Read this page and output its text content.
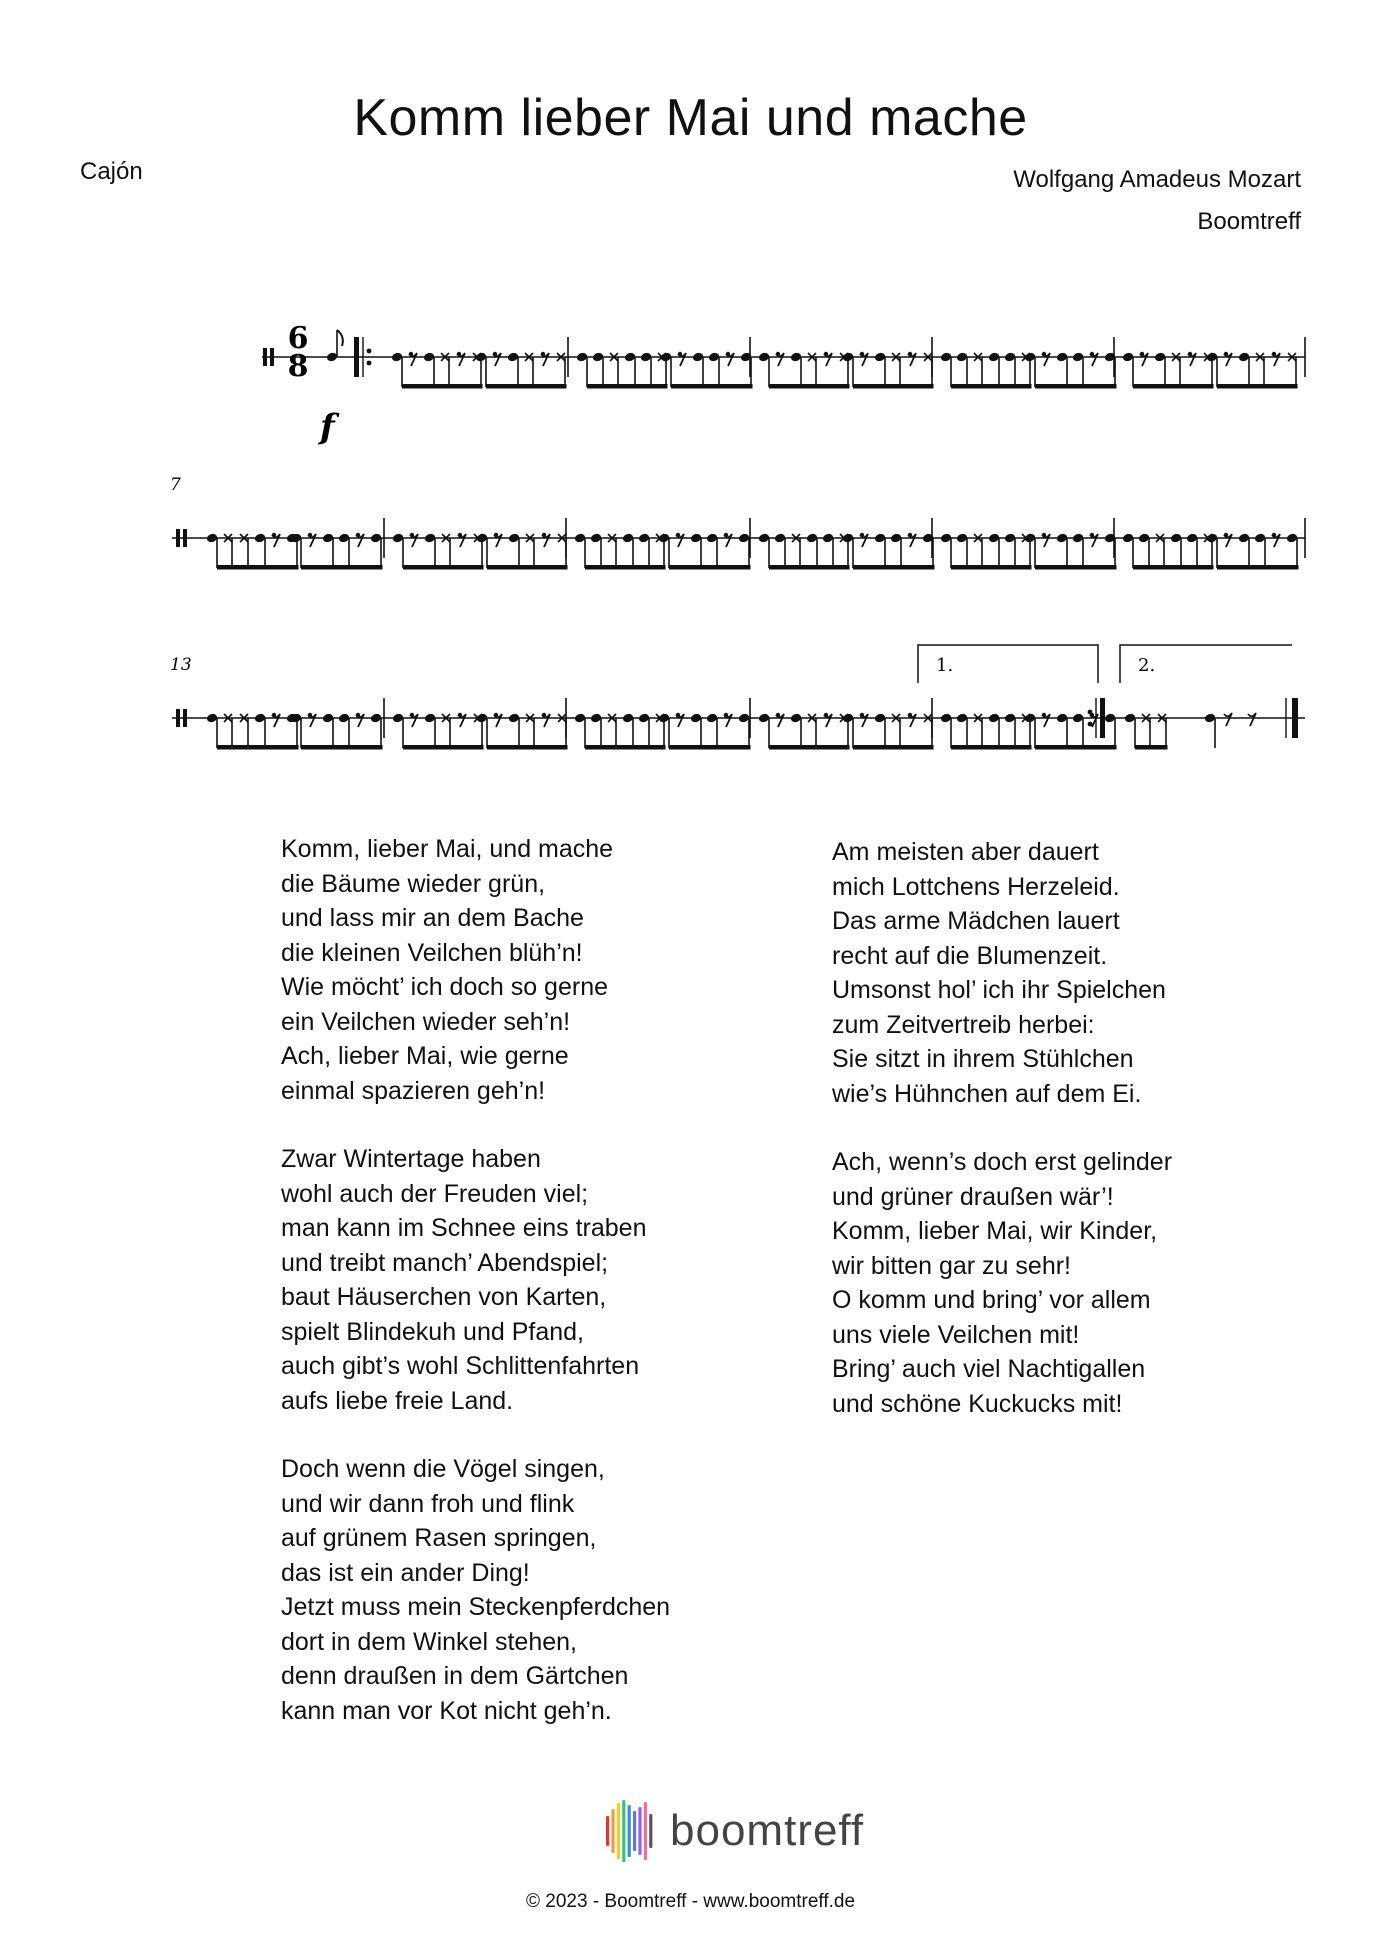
Komm lieber Mai und mache
Cajón	Wolfgang Amadeus Mozart
Boomtreff
6
8
f
7
13	1.	2.
Komm, lieber Mai, und mache
die Bäume wieder grün,
und lass mir an dem Bache
die kleinen Veilchen blüh’n!
Wie möcht’ ich doch so gerne
ein Veilchen wieder seh’n!
Ach, lieber Mai, wie gerne
einmal spazieren geh’n!
Zwar Wintertage haben
wohl auch der Freuden viel;
man kann im Schnee eins traben
und treibt manch’ Abendspiel;
baut Häuserchen von Karten,
spielt Blindekuh und Pfand,
auch gibt’s wohl Schlittenfahrten
aufs liebe freie Land.
Doch wenn die Vögel singen,
und wir dann froh und flink
auf grünem Rasen springen,
das ist ein ander Ding!
Jetzt muss mein Steckenpferdchen
dort in dem Winkel stehen,
denn draußen in dem Gärtchen
kann man vor Kot nicht geh’n.
Am meisten aber dauert
mich Lottchens Herzeleid.
Das arme Mädchen lauert
recht auf die Blumenzeit.
Umsonst hol’ ich ihr Spielchen
zum Zeitvertreib herbei:
Sie sitzt in ihrem Stühlchen
wie’s Hühnchen auf dem Ei.
Ach, wenn’s doch erst gelinder
und grüner draußen wär’!
Komm, lieber Mai, wir Kinder,
wir bitten gar zu sehr!
O komm und bring’ vor allem
uns viele Veilchen mit!
Bring’ auch viel Nachtigallen
und schöne Kuckucks mit!
boomtreff
© 2023 - Boomtreff - www.boomtreff.de
